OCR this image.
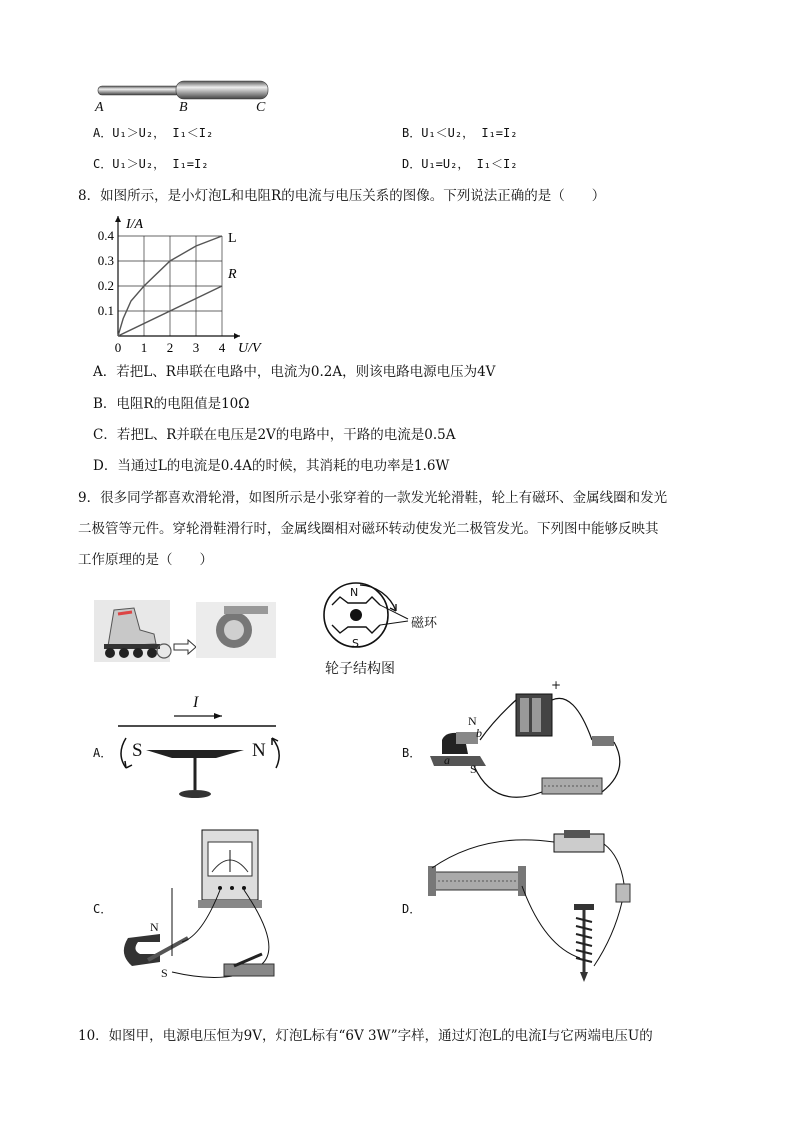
A	B	C
A．U₁＞U₂， I₁＜I₂	B．U₁＜U₂， I₁=I₂
C．U₁＞U₂， I₁=I₂	D．U₁=U₂， I₁＜I₂
8．如图所示，是小灯泡L和电阻R的电流与电压关系的图像。下列说法正确的是（　　）
0 1 2 3 4
0.1
0.2
0.3
0.4
I/A
U/V
L
R
A．若把L、R串联在电路中，电流为0.2A，则该电路电源电压为4V
B．电阻R的电阻值是10Ω
C．若把L、R并联在电压是2V的电路中，干路的电流是0.5A
D．当通过L的电流是0.4A的时候，其消耗的电功率是1.6W
9．很多同学都喜欢滑轮滑，如图所示是小张穿着的一款发光轮滑鞋，轮上有磁环、金属线圈和发光
二极管等元件。穿轮滑鞋滑行时，金属线圈相对磁环转动使发光二极管发光。下列图中能够反映其
工作原理的是（　　）
N
S
磁环
轮子结构图
A．
I
S	N	B．
N
S
b
a
+
C．
N
S
D．
10．如图甲，电源电压恒为9V，灯泡L标有“6V 3W”字样，通过灯泡L的电流I与它两端电压U的
